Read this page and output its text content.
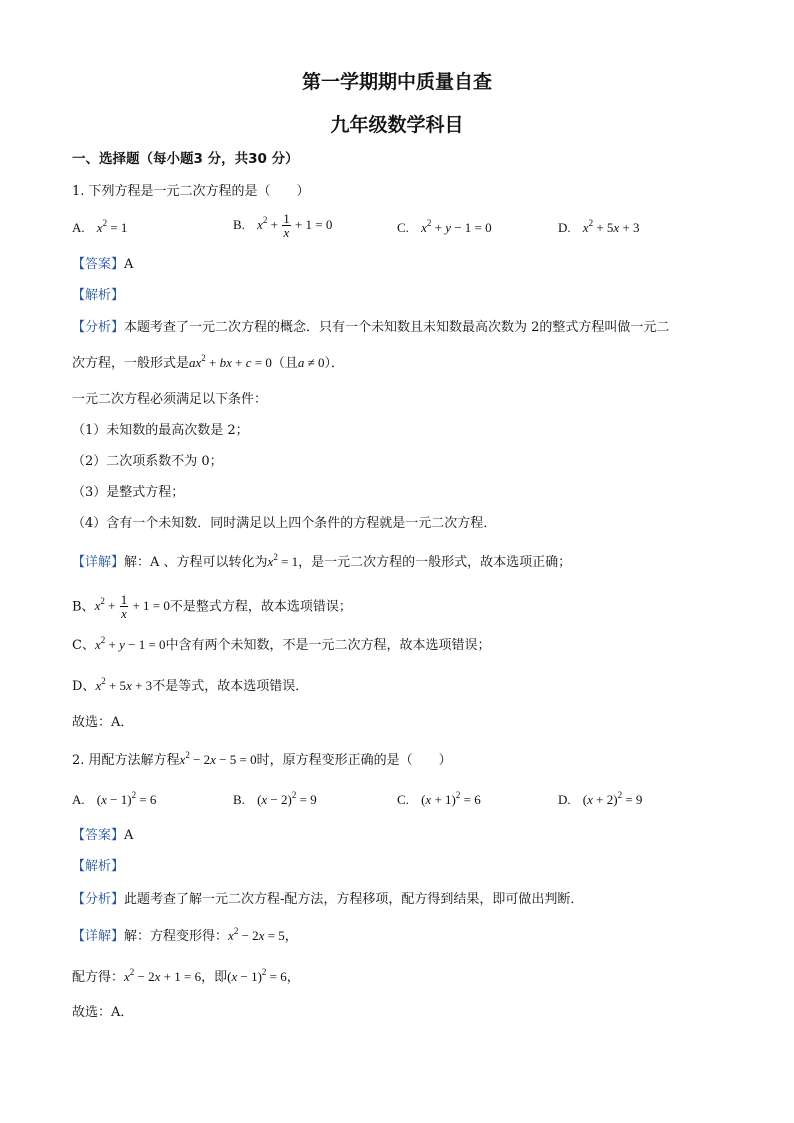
第一学期期中质量自查
九年级数学科目
一、选择题（每小题3 分，共30 分）
1. 下列方程是一元二次方程的是（　　）
A. $x^2 = 1$	B. $x^2 + \frac{1}{x} + 1 = 0$	C. $x^2 + y - 1 = 0$	D. $x^2 + 5x + 3$
【答案】A
【解析】
【分析】本题考查了一元二次方程的概念．只有一个未知数且未知数最高次数为 2的整式方程叫做一元二
次方程，一般形式是$ax^2$ + bx + c = 0（且a ≠ 0）．
一元二次方程必须满足以下条件：
（1）未知数的最高次数是 2；
（2）二次项系数不为 0；
（3）是整式方程；
（4）含有一个未知数．同时满足以上四个条件的方程就是一元二次方程．
【详解】解：A 、方程可以转化为$x^2 = 1$，是一元二次方程的一般形式，故本选项正确；
B、$x^2 + \frac{1}{x} + 1 = 0$不是整式方程，故本选项错误；
C、$x^2 + y - 1 = 0$中含有两个未知数，不是一元二次方程，故本选项错误；
D、$x^2 + 5x + 3$不是等式，故本选项错误．
故选：A．
2. 用配方法解方程$x^2 - 2x - 5 = 0$时，原方程变形正确的是（　　）
A. $(x - 1)^2 = 6$	B. $(x - 2)^2 = 9$	C. $(x + 1)^2 = 6$	D. $(x + 2)^2 = 9$
【答案】A
【解析】
【分析】此题考查了解一元二次方程-配方法，方程移项，配方得到结果，即可做出判断．
【详解】解：方程变形得：$x^2 - 2x = 5$，
配方得：$x^2 - 2x + 1 = 6$，即$(x - 1)^2 = 6$，
故选：A．
